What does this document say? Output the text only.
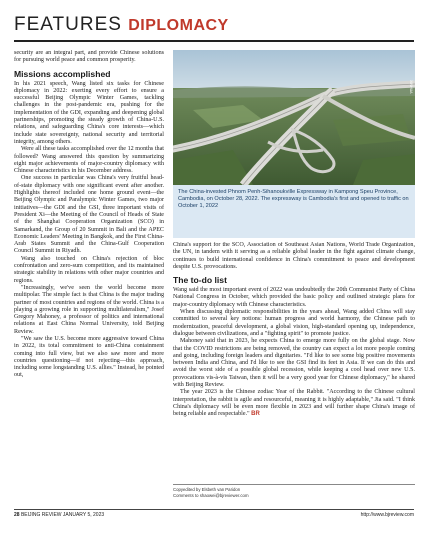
FEATURES DIPLOMACY

security are an integral part, and provide Chinese solutions for pursuing world peace and common prosperity.

Missions accomplished

In his 2021 speech, Wang listed six tasks for Chinese diplomacy in 2022: exerting every effort to ensure a successful Beijing Olympic Winter Games, tackling challenges in the post-pandemic era, pushing for the implementation of the GDI, expanding and deepening global partnerships, promoting the steady growth of China-U.S. relations, and safeguarding China's core interests—which include state sovereignty, national security and territorial integrity, among others.

Were all these tasks accomplished over the 12 months that followed? Wang answered this question by summarizing eight major achievements of major-country diplomacy with Chinese characteristics in his December address.

One success in particular was China's very fruitful head-of-state diplomacy with one significant event after another. Highlights thereof included one home ground event—the Beijing Olympic and Paralympic Winter Games, two major initiatives—the GDI and the GSI, three important visits of President Xi—the Meeting of the Council of Heads of State of the Shanghai Cooperation Organization (SCO) in Samarkand, the Group of 20 Summit in Bali and the APEC Economic Leaders' Meeting in Bangkok, and the First China-Arab States Summit and the China-Gulf Cooperation Council Summit in Riyadh.

Wang also touched on China's rejection of bloc confrontation and zero-sum competition, and its maintained strategic stability in relations with other major countries and regions.

"Increasingly, we've seen the world become more multipolar. The simple fact is that China is the major trading partner of most countries and regions of the world. China is a playing a growing role in supporting multilateralism," Josef Gregory Mahoney, a professor of politics and international relations at East China Normal University, told Beijing Review.

"We saw the U.S. become more aggressive toward China in 2022, its total commitment to anti-China containment coming into full view, but we also saw more and more countries questioning—if not rejecting—this approach, including some longstanding U.S. allies." Instead, he pointed out,

XINHUA

The China-invested Phnom Penh-Sihanoukville Expressway in Kampong Speu Province, Cambodia, on October 28, 2022. The expressway is Cambodia's first and opened to traffic on October 1, 2022

China's support for the SCO, Association of Southeast Asian Nations, World Trade Organization, the UN, in tandem with it serving as a reliable global leader in the fight against climate change, continues to build international confidence in China's commitment to peace and development despite U.S. provocations.

The to-do list

Wang said the most important event of 2022 was undoubtedly the 20th Communist Party of China National Congress in October, which provided the basic policy and outlined strategic plans for major-country diplomacy with Chinese characteristics.

When discussing diplomatic responsibilities in the years ahead, Wang added China will stay committed to several key notions: human progress and world harmony, the Chinese path to modernization, peaceful development, a global vision, high-standard opening up, independence, dialogue between civilizations, and a "fighting spirit" to promote justice.

Mahoney said that in 2023, he expects China to emerge more fully on the global stage. Now that the COVID restrictions are being removed, the country can expect a lot more people coming and going, including foreign leaders and dignitaries. "I'd like to see some big positive movements between India and China, and I'd like to see the GSI find its feet in Asia. If we can do this and avoid the worst side of a possible global recession, while keeping a cool head over new U.S. provocations vis-à-vis Taiwan, then it will be a very good year for Chinese diplomacy," he shared with Beijing Review.

The year 2023 is the Chinese zodiac Year of the Rabbit. "According to the Chinese cultural interpretation, the rabbit is agile and resourceful, meaning it is highly adaptable," Jia said. "I think China's diplomacy will be even more flexible in 2023 and will further shape China's image of being reliable and respectable." BR

Copyedited by Elsbeth van Paridon
Comments to shaowei@bjreviewer.com
28 BEIJING REVIEW JANUARY 5, 2023	http://www.bjreview.com
